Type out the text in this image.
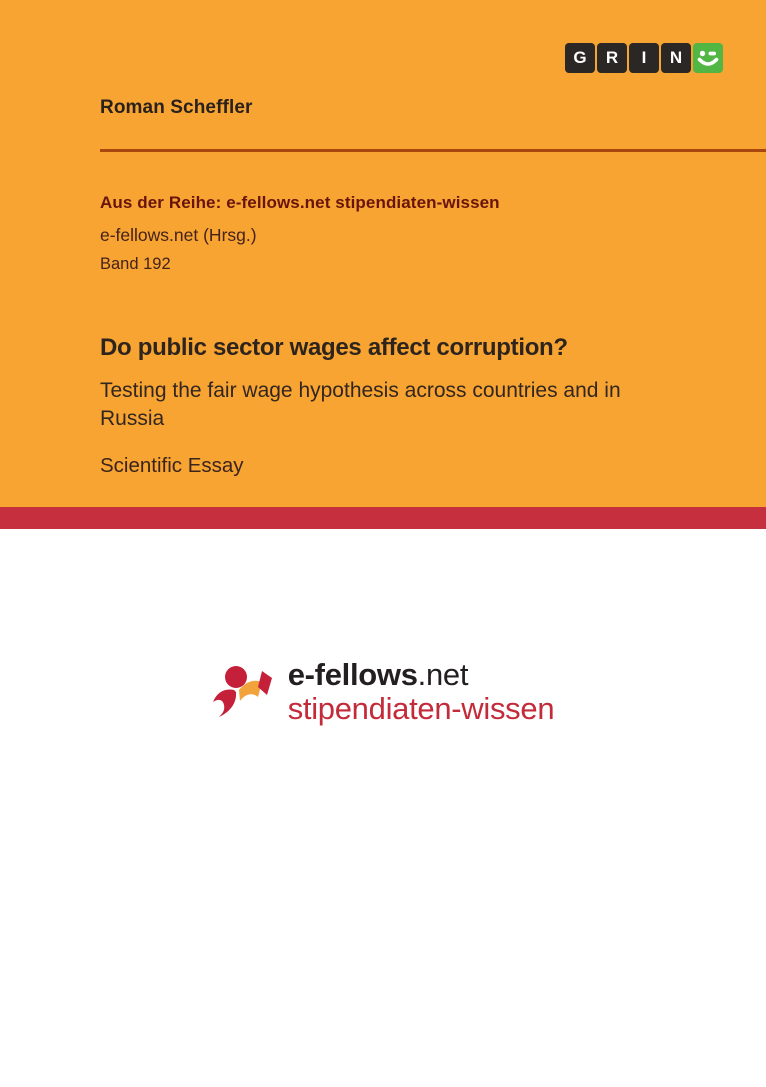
G R I N
Roman Scheffler
Aus der Reihe: e-fellows.net stipendiaten-wissen
e-fellows.net (Hrsg.)
Band 192
Do public sector wages affect corruption?
Testing the fair wage hypothesis across countries and in Russia
Scientific Essay
e-fellows.net
stipendiaten-wissen
